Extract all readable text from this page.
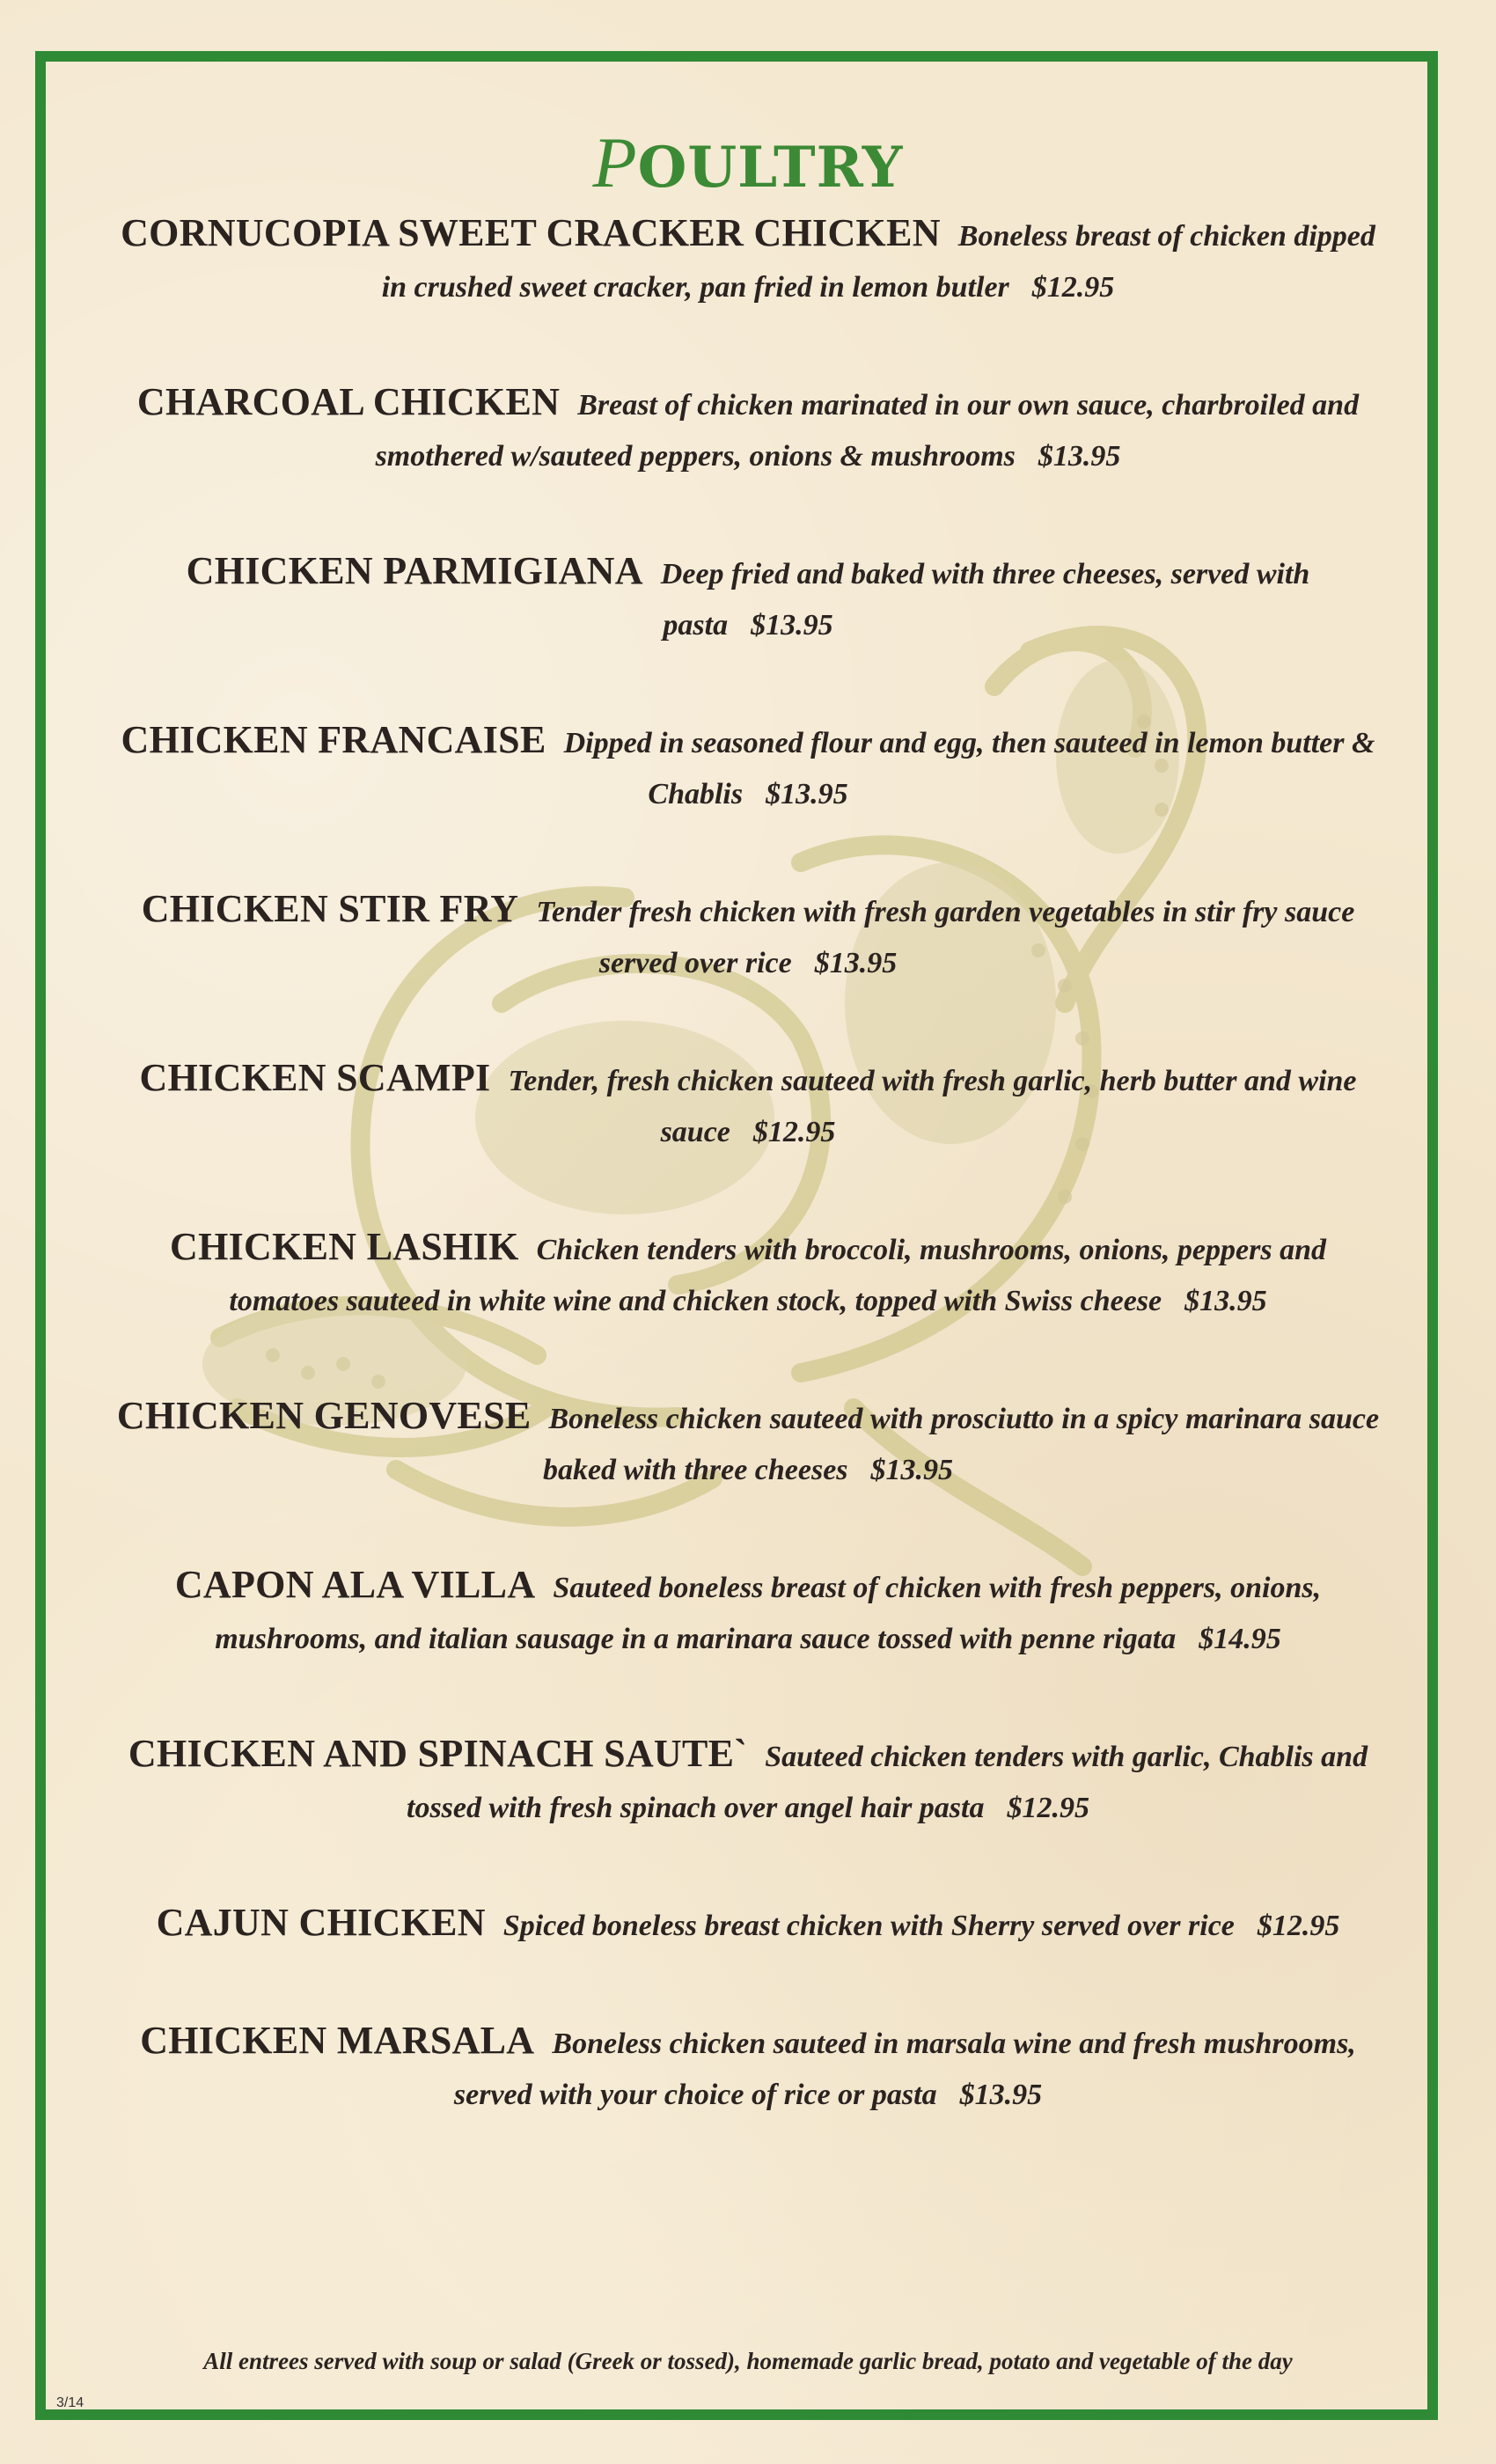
POULTRY
CORNUCOPIA SWEET CRACKER CHICKEN Boneless breast of chicken dipped in crushed sweet cracker, pan fried in lemon butler $12.95
CHARCOAL CHICKEN Breast of chicken marinated in our own sauce, charbroiled and smothered w/sauteed peppers, onions & mushrooms $13.95
CHICKEN PARMIGIANA Deep fried and baked with three cheeses, served with pasta $13.95
CHICKEN FRANCAISE Dipped in seasoned flour and egg, then sauteed in lemon butter & Chablis $13.95
CHICKEN STIR FRY Tender fresh chicken with fresh garden vegetables in stir fry sauce served over rice $13.95
CHICKEN SCAMPI Tender, fresh chicken sauteed with fresh garlic, herb butter and wine sauce $12.95
CHICKEN LASHIK Chicken tenders with broccoli, mushrooms, onions, peppers and tomatoes sauteed in white wine and chicken stock, topped with Swiss cheese $13.95
CHICKEN GENOVESE Boneless chicken sauteed with prosciutto in a spicy marinara sauce baked with three cheeses $13.95
CAPON ALA VILLA Sauteed boneless breast of chicken with fresh peppers, onions, mushrooms, and italian sausage in a marinara sauce tossed with penne rigata $14.95
CHICKEN AND SPINACH SAUTE` Sauteed chicken tenders with garlic, Chablis and tossed with fresh spinach over angel hair pasta $12.95
CAJUN CHICKEN Spiced boneless breast chicken with Sherry served over rice $12.95
CHICKEN MARSALA Boneless chicken sauteed in marsala wine and fresh mushrooms, served with your choice of rice or pasta $13.95
All entrees served with soup or salad (Greek or tossed), homemade garlic bread, potato and vegetable of the day
3/14
